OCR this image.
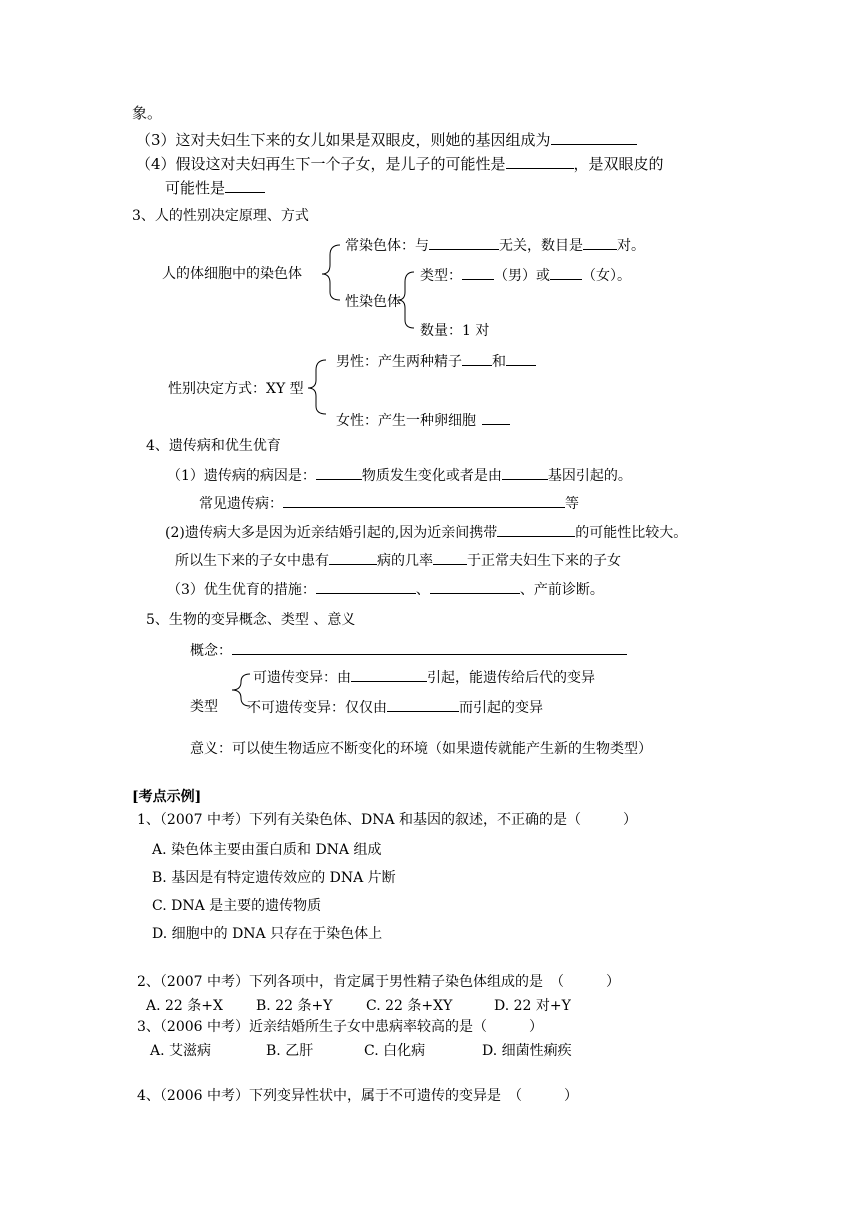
象。
（3）这对夫妇生下来的女儿如果是双眼皮，则她的基因组成为
（4）假设这对夫妇再生下一个子女，是儿子的可能性是	，是双眼皮的
可能性是
3、人的性别决定原理、方式
常染色体：与	无关，数目是 对。
人的体细胞中的染色体	类型： （男）或 （女）。
性染色体
数量：1 对
男性：产生两种精子 和
性别决定方式：XY 型
女性：产生一种卵细胞
4、遗传病和优生优育
（1）遗传病的病因是：	物质发生变化或者是由	基因引起的。
常见遗传病：	等
(2)遗传病大多是因为近亲结婚引起的,因为近亲间携带	的可能性比较大。
所以生下来的子女中患有	病的几率 于正常夫妇生下来的子女
（3）优生优育的措施：	、	、产前诊断。
5、生物的变异概念、类型 、意义
概念：
可遗传变异：由	引起，能遗传给后代的变异
类型 不可遗传变异：仅仅由	而引起的变异
意义：可以使生物适应不断变化的环境（如果遗传就能产生新的生物类型）
[考点示例]
1、（2007 中考）下列有关染色体、DNA 和基因的叙述，不正确的是（　　　）
A. 染色体主要由蛋白质和 DNA 组成
B. 基因是有特定遗传效应的 DNA 片断
C. DNA 是主要的遗传物质
D. 细胞中的 DNA 只存在于染色体上
2、（2007 中考）下列各项中，肯定属于男性精子染色体组成的是　（　　　）
A. 22 条+X B. 22 条+Y C. 22 条+XY	D. 22 对+Y
3、（2006 中考）近亲结婚所生子女中患病率较高的是（　　　）
A. 艾滋病	B. 乙肝	C. 白化病	D. 细菌性痢疾
4、（2006 中考）下列变异性状中，属于不可遗传的变异是　（　　　）
